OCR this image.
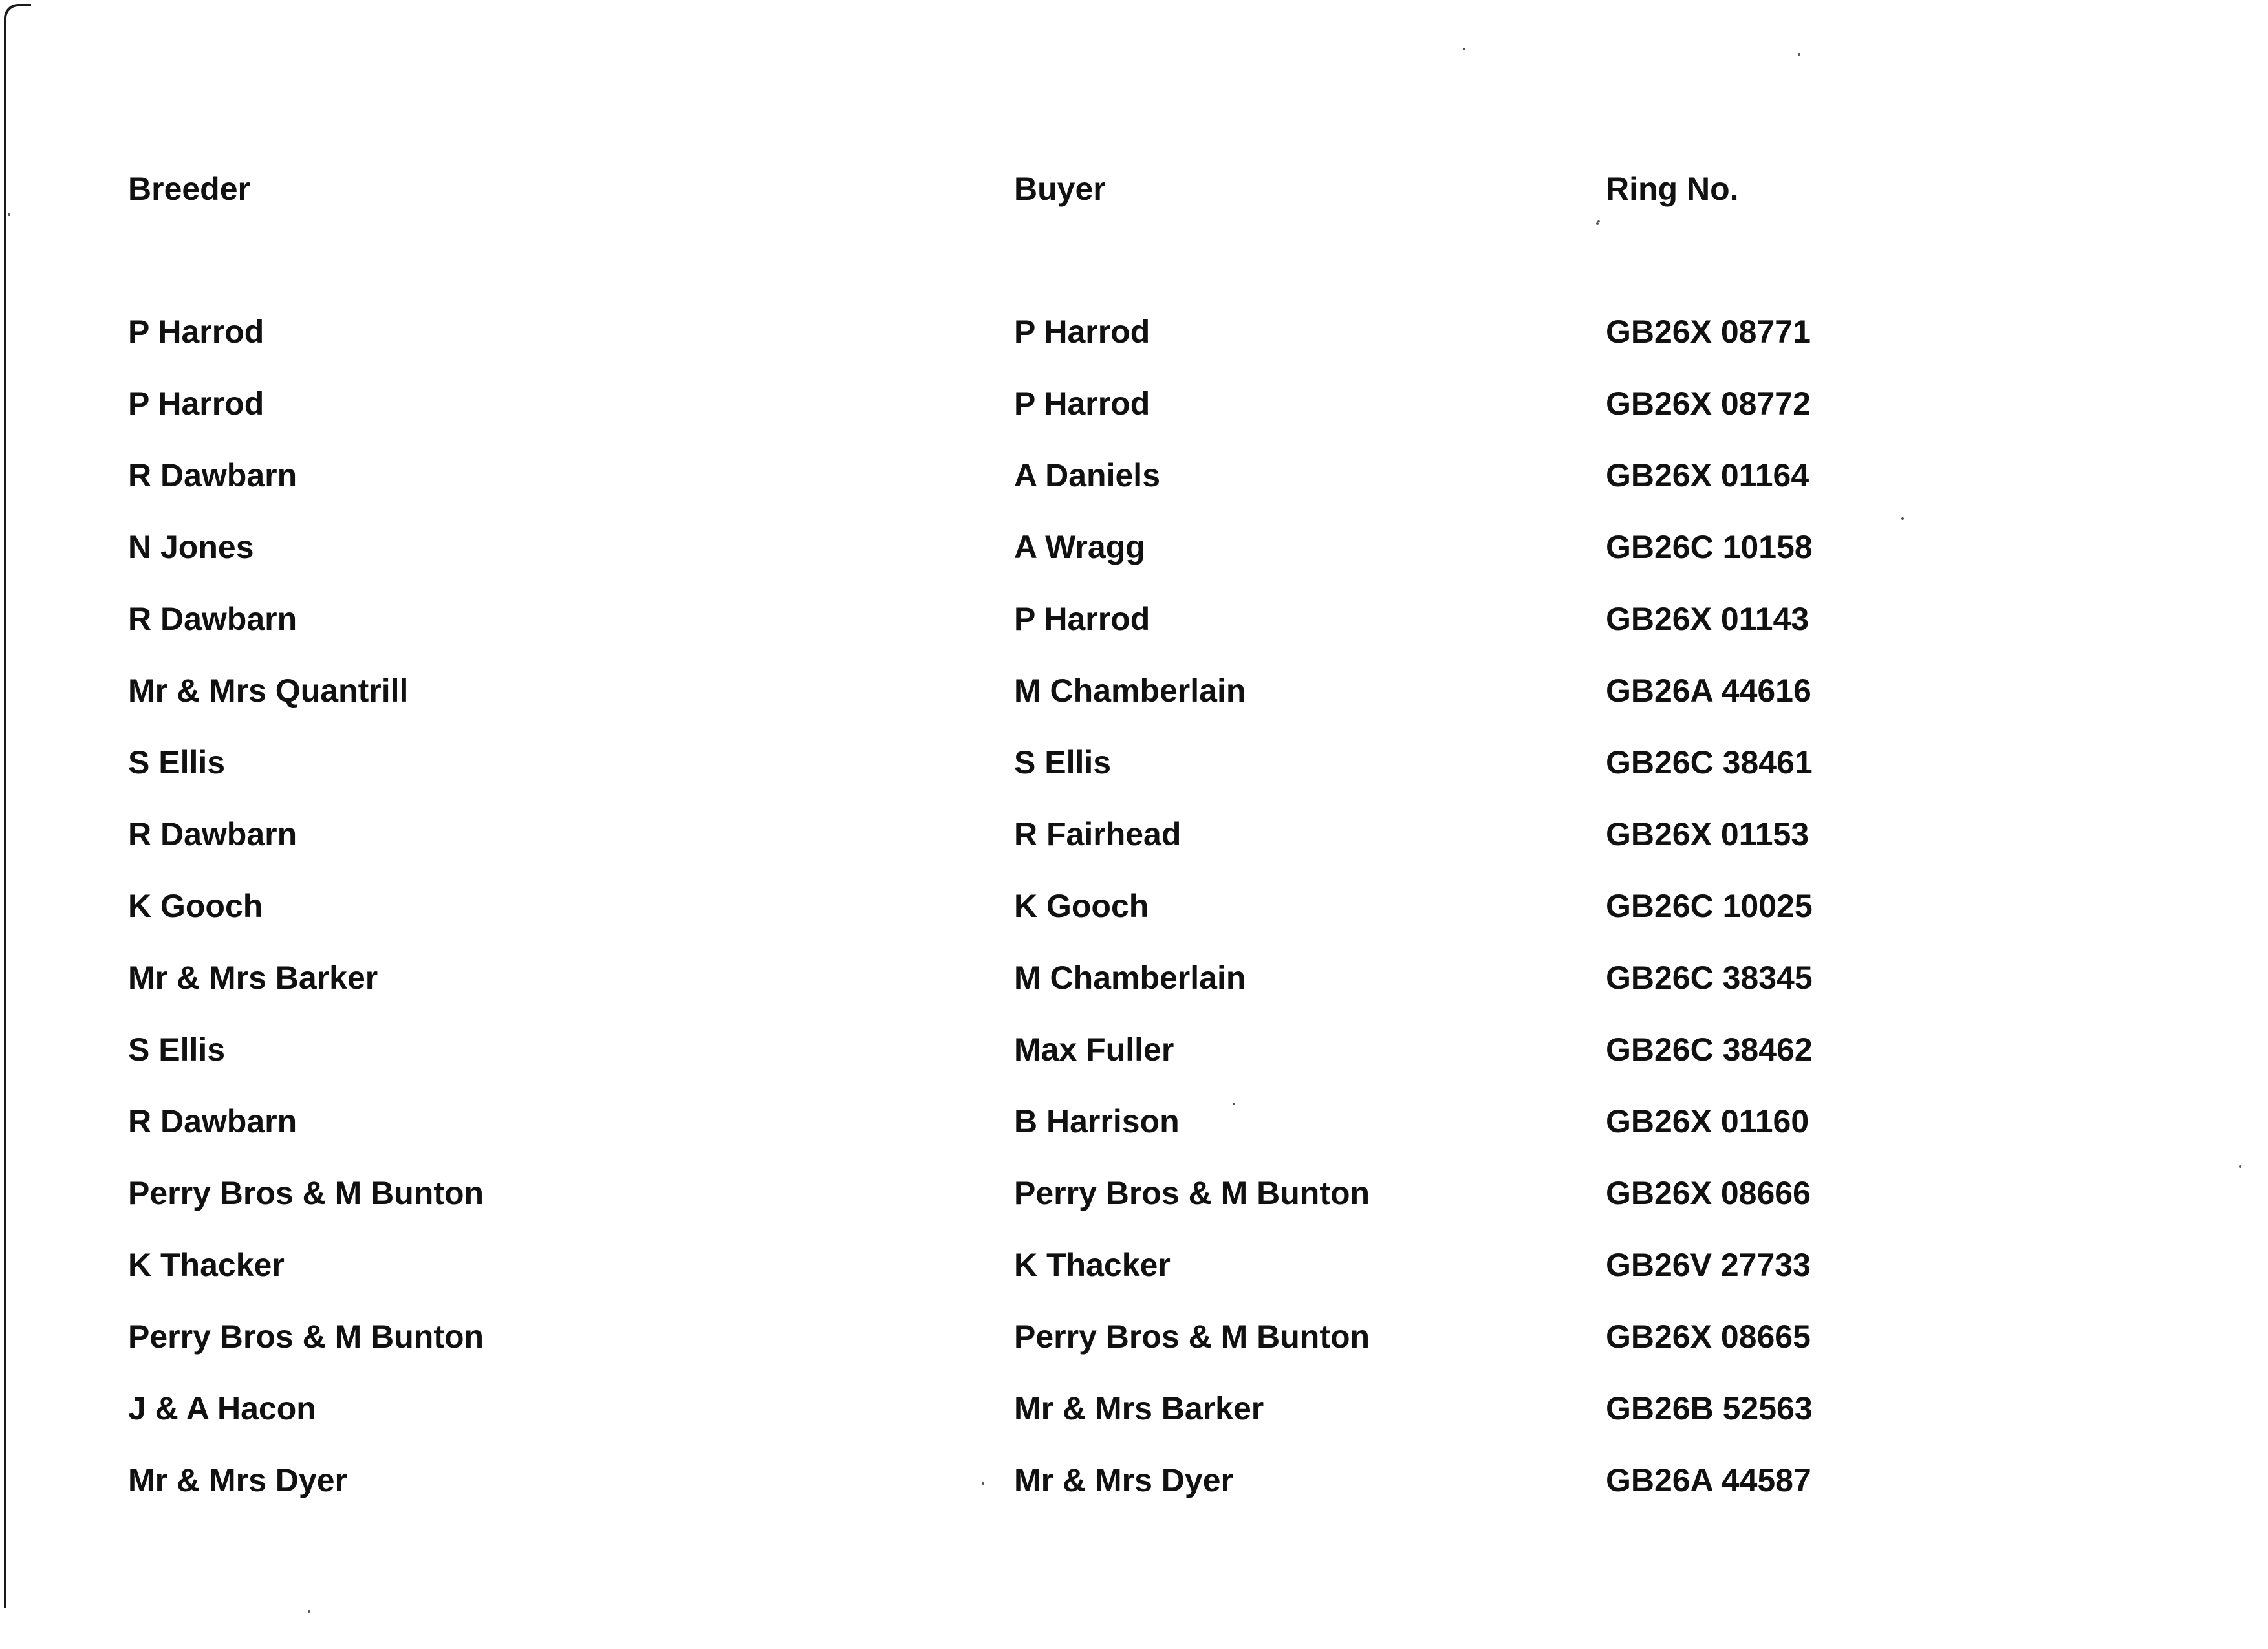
Breeder	Buyer	Ring No.
P Harrod	P Harrod	GB26X 08771
P Harrod	P Harrod	GB26X 08772
R Dawbarn	A Daniels	GB26X 01164
N Jones	A Wragg	GB26C 10158
R Dawbarn	P Harrod	GB26X 01143
Mr & Mrs Quantrill	M Chamberlain	GB26A 44616
S Ellis	S Ellis	GB26C 38461
R Dawbarn	R Fairhead	GB26X 01153
K Gooch	K Gooch	GB26C 10025
Mr & Mrs Barker	M Chamberlain	GB26C 38345
S Ellis	Max Fuller	GB26C 38462
R Dawbarn	B Harrison	GB26X 01160
Perry Bros & M Bunton	Perry Bros & M Bunton	GB26X 08666
K Thacker	K Thacker	GB26V 27733
Perry Bros & M Bunton	Perry Bros & M Bunton	GB26X 08665
J & A Hacon	Mr & Mrs Barker	GB26B 52563
Mr & Mrs Dyer	Mr & Mrs Dyer	GB26A 44587
